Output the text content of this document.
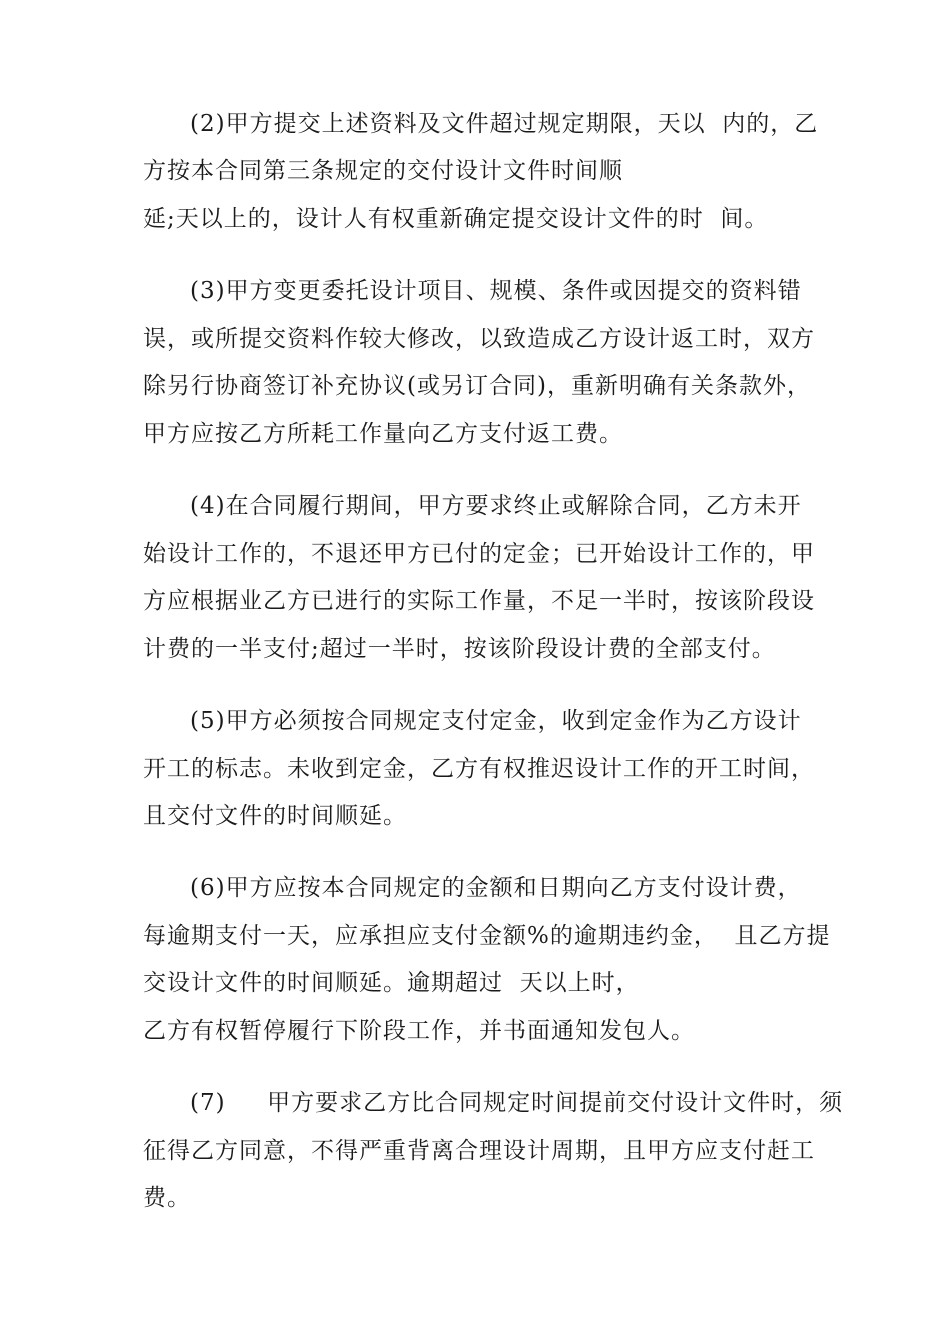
(2)甲方提交上述资料及文件超过规定期限，天以  内的，乙
方按本合同第三条规定的交付设计文件时间顺
延;天以上的，设计人有权重新确定提交设计文件的时  间。
(3)甲方变更委托设计项目、规模、条件或因提交的资料错
误，或所提交资料作较大修改，以致造成乙方设计返工时，双方
除另行协商签订补充协议(或另订合同)，重新明确有关条款外，
甲方应按乙方所耗工作量向乙方支付返工费。
(4)在合同履行期间，甲方要求终止或解除合同，乙方未开
始设计工作的，不退还甲方已付的定金；已开始设计工作的，甲
方应根据业乙方已进行的实际工作量，不足一半时，按该阶段设
计费的一半支付;超过一半时，按该阶段设计费的全部支付。
(5)甲方必须按合同规定支付定金，收到定金作为乙方设计
开工的标志。未收到定金，乙方有权推迟设计工作的开工时间，
且交付文件的时间顺延。
(6)甲方应按本合同规定的金额和日期向乙方支付设计费，
每逾期支付一天，应承担应支付金额%的逾期违约金，  且乙方提
交设计文件的时间顺延。逾期超过  天以上时，
乙方有权暂停履行下阶段工作，并书面通知发包人。
(7)     甲方要求乙方比合同规定时间提前交付设计文件时，须
征得乙方同意，不得严重背离合理设计周期，且甲方应支付赶工
费。
